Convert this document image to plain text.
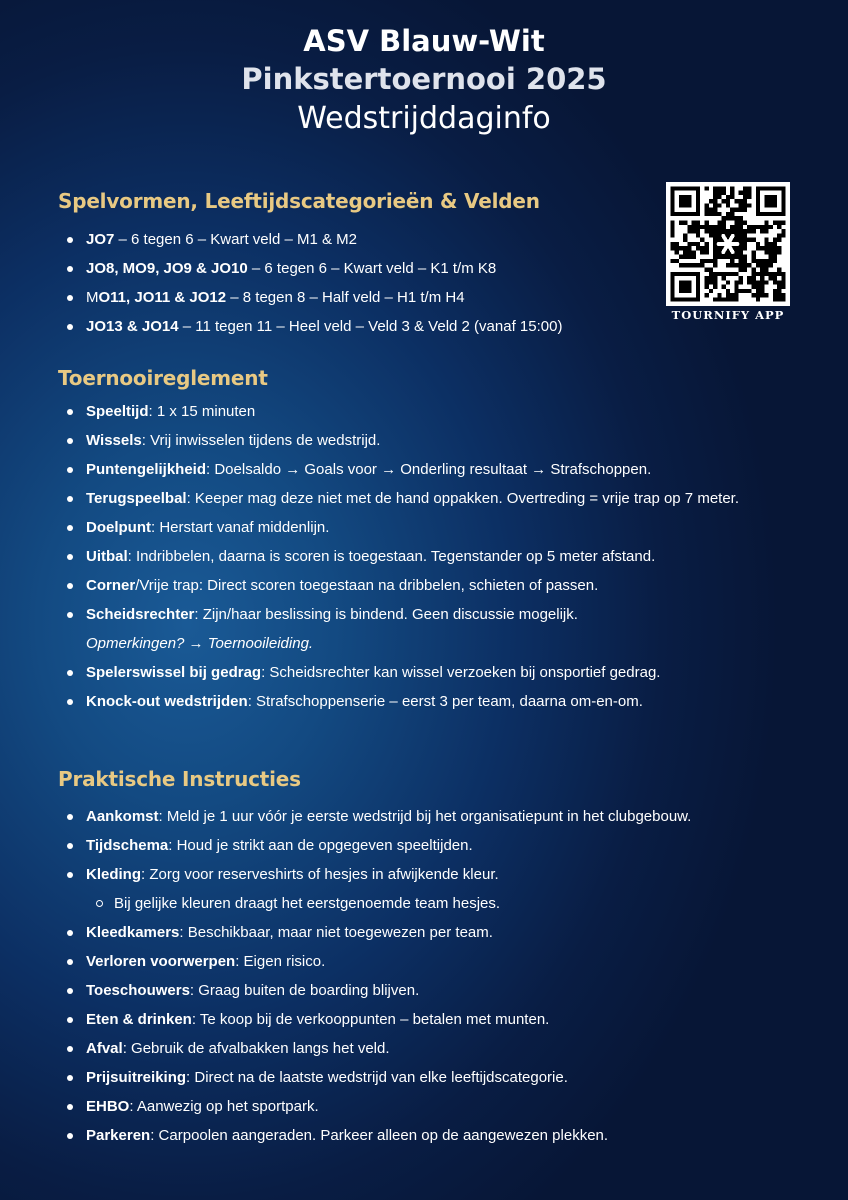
ASV Blauw-Wit
Pinkstertoernooi 2025
Wedstrijddaginfo
Spelvormen, Leeftijdscategorieën & Velden
JO7 – 6 tegen 6 – Kwart veld – M1 & M2
JO8, MO9, JO9 & JO10 – 6 tegen 6 – Kwart veld – K1 t/m K8
MO11, JO11 & JO12 – 8 tegen 8 – Half veld – H1 t/m H4
JO13 & JO14 – 11 tegen 11 – Heel veld – Veld 3 & Veld 2 (vanaf 15:00)
TOURNIFY APP
Toernooireglement
Speeltijd: 1 x 15 minuten
Wissels: Vrij inwisselen tijdens de wedstrijd.
Puntengelijkheid: Doelsaldo → Goals voor → Onderling resultaat → Strafschoppen.
Terugspeelbal: Keeper mag deze niet met de hand oppakken. Overtreding = vrije trap op 7 meter.
Doelpunt: Herstart vanaf middenlijn.
Uitbal: Indribbelen, daarna is scoren is toegestaan. Tegenstander op 5 meter afstand.
Corner/Vrije trap: Direct scoren toegestaan na dribbelen, schieten of passen.
Scheidsrechter: Zijn/haar beslissing is bindend. Geen discussie mogelijk.
Opmerkingen? → Toernooileiding.
Spelerswissel bij gedrag: Scheidsrechter kan wissel verzoeken bij onsportief gedrag.
Knock-out wedstrijden: Strafschoppenserie – eerst 3 per team, daarna om-en-om.
Praktische Instructies
Aankomst: Meld je 1 uur vóór je eerste wedstrijd bij het organisatiepunt in het clubgebouw.
Tijdschema: Houd je strikt aan de opgegeven speeltijden.
Kleding: Zorg voor reserveshirts of hesjes in afwijkende kleur.
Bij gelijke kleuren draagt het eerstgenoemde team hesjes.
Kleedkamers: Beschikbaar, maar niet toegewezen per team.
Verloren voorwerpen: Eigen risico.
Toeschouwers: Graag buiten de boarding blijven.
Eten & drinken: Te koop bij de verkooppunten – betalen met munten.
Afval: Gebruik de afvalbakken langs het veld.
Prijsuitreiking: Direct na de laatste wedstrijd van elke leeftijdscategorie.
EHBO: Aanwezig op het sportpark.
Parkeren: Carpoolen aangeraden. Parkeer alleen op de aangewezen plekken.
